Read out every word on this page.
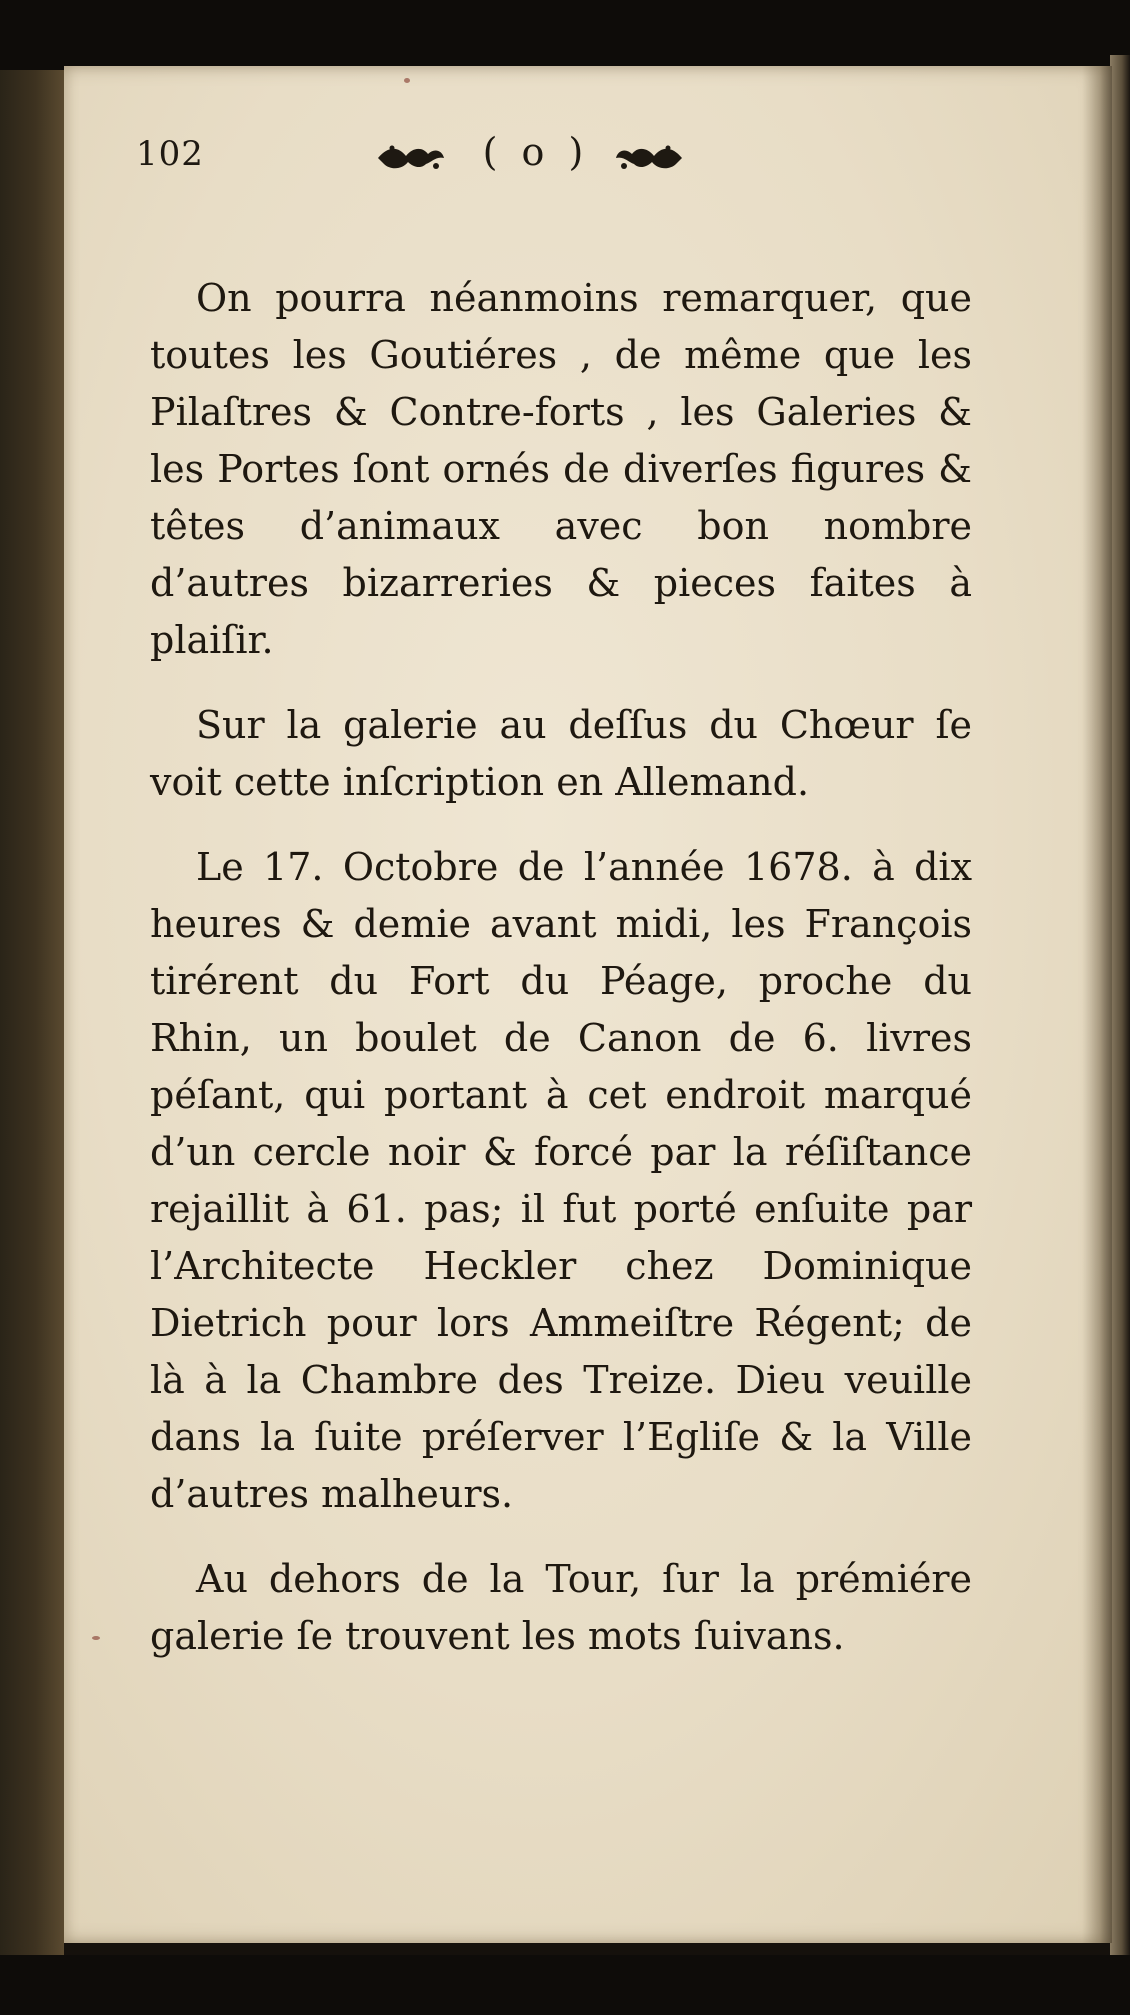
102	( o )

On pourra néanmoins remarquer, que toutes les Goutiéres , de même que les Pilaſtres & Contre-forts , les Galeries & les Portes ſont ornés de diverſes figures & têtes d’animaux avec bon nombre d’autres bizarreries & pieces faites à plaiſir.

Sur la galerie au deſſus du Chœur ſe voit cette inſcription en Allemand.

Le 17. Octobre de l’année 1678. à dix heures & demie avant midi, les François tirérent du Fort du Péage, proche du Rhin, un boulet de Canon de 6. livres péſant, qui portant à cet endroit marqué d’un cercle noir & forcé par la réſiſtance rejaillit à 61. pas; il fut porté enſuite par l’Architecte Heckler chez Dominique Dietrich pour lors Ammeiſtre Régent; de là à la Chambre des Treize. Dieu veuille dans la ſuite préſerver l’Egliſe & la Ville d’autres malheurs.

Au dehors de la Tour, ſur la prémiére galerie ſe trouvent les mots ſuivans.
